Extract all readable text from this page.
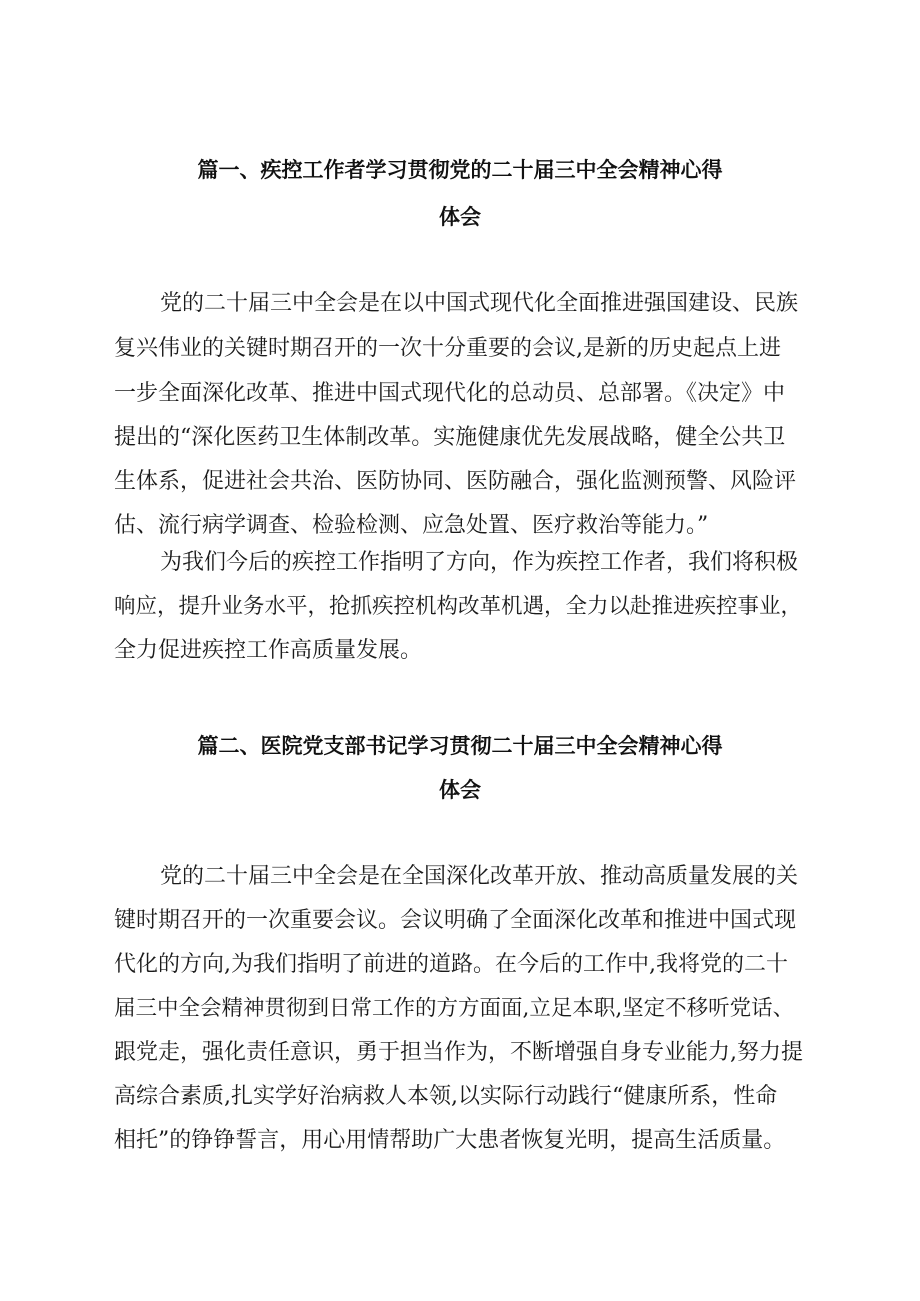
篇一、疾控工作者学习贯彻党的二十届三中全会精神心得
体会
党的二十届三中全会是在以中国式现代化全面推进强国建设、民族
复兴伟业的关键时期召开的一次十分重要的会议,是新的历史起点上进
一步全面深化改革、推进中国式现代化的总动员、总部署。《决定》中
提出的“深化医药卫生体制改革。实施健康优先发展战略，健全公共卫
生体系，促进社会共治、医防协同、医防融合，强化监测预警、风险评
估、流行病学调查、检验检测、应急处置、医疗救治等能力。”
为我们今后的疾控工作指明了方向，作为疾控工作者，我们将积极
响应，提升业务水平，抢抓疾控机构改革机遇，全力以赴推进疾控事业，
全力促进疾控工作高质量发展。
篇二、医院党支部书记学习贯彻二十届三中全会精神心得
体会
党的二十届三中全会是在全国深化改革开放、推动高质量发展的关
键时期召开的一次重要会议。会议明确了全面深化改革和推进中国式现
代化的方向,为我们指明了前进的道路。在今后的工作中,我将党的二十
届三中全会精神贯彻到日常工作的方方面面,立足本职,坚定不移听党话、
跟党走，强化责任意识，勇于担当作为，不断增强自身专业能力,努力提
高综合素质,扎实学好治病救人本领,以实际行动践行“健康所系，性命
相托”的铮铮誓言，用心用情帮助广大患者恢复光明，提高生活质量。
